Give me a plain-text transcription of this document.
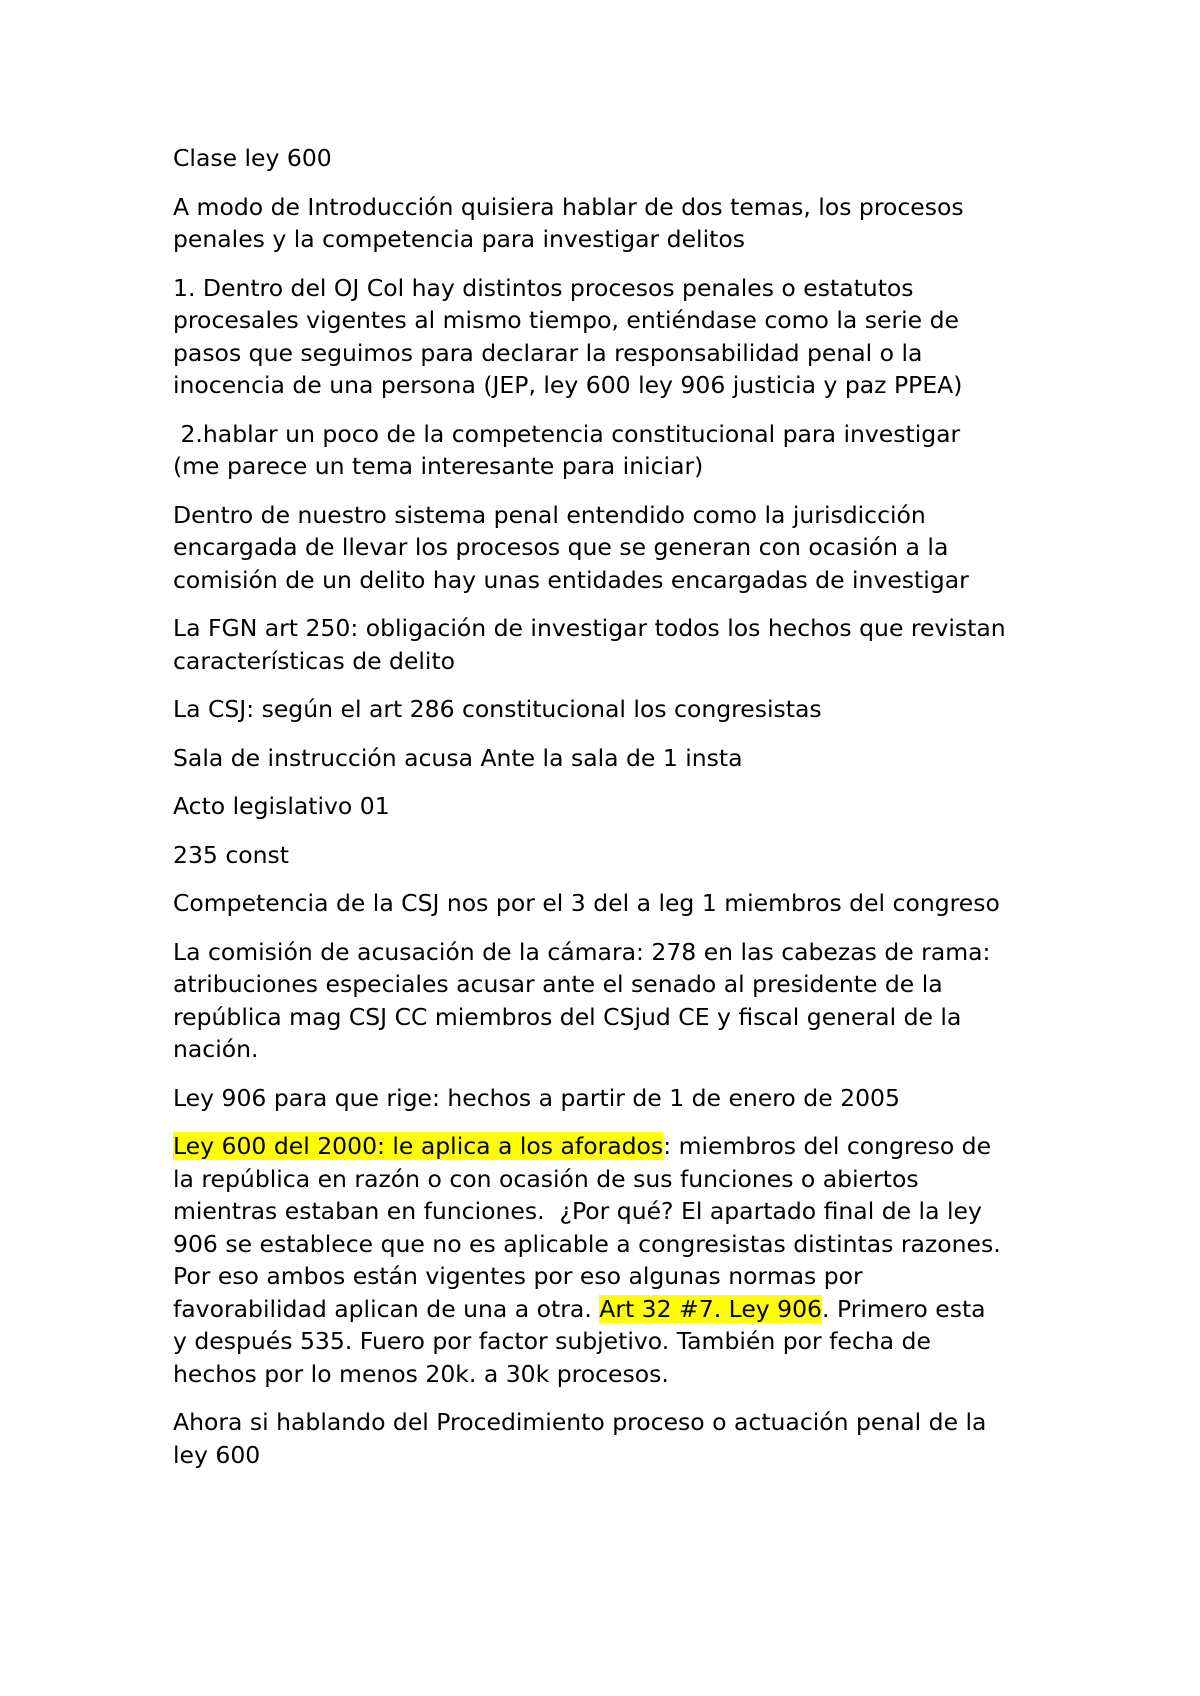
Clase ley 600

A modo de Introducción quisiera hablar de dos temas, los procesos
penales y la competencia para investigar delitos

1. Dentro del OJ Col hay distintos procesos penales o estatutos
procesales vigentes al mismo tiempo, entiéndase como la serie de
pasos que seguimos para declarar la responsabilidad penal o la
inocencia de una persona (JEP, ley 600 ley 906 justicia y paz PPEA)

2.hablar un poco de la competencia constitucional para investigar
(me parece un tema interesante para iniciar)

Dentro de nuestro sistema penal entendido como la jurisdicción
encargada de llevar los procesos que se generan con ocasión a la
comisión de un delito hay unas entidades encargadas de investigar

La FGN art 250: obligación de investigar todos los hechos que revistan
características de delito

La CSJ: según el art 286 constitucional los congresistas

Sala de instrucción acusa Ante la sala de 1 insta

Acto legislativo 01

235 const

Competencia de la CSJ nos por el 3 del a leg 1 miembros del congreso

La comisión de acusación de la cámara: 278 en las cabezas de rama:
atribuciones especiales acusar ante el senado al presidente de la
república mag CSJ CC miembros del CSjud CE y fiscal general de la
nación.

Ley 906 para que rige: hechos a partir de 1 de enero de 2005

Ley 600 del 2000: le aplica a los aforados: miembros del congreso de
la república en razón o con ocasión de sus funciones o abiertos
mientras estaban en funciones.  ¿Por qué? El apartado final de la ley
906 se establece que no es aplicable a congresistas distintas razones.
Por eso ambos están vigentes por eso algunas normas por
favorabilidad aplican de una a otra. Art 32 #7. Ley 906. Primero esta
y después 535. Fuero por factor subjetivo. También por fecha de
hechos por lo menos 20k. a 30k procesos.

Ahora si hablando del Procedimiento proceso o actuación penal de la
ley 600
